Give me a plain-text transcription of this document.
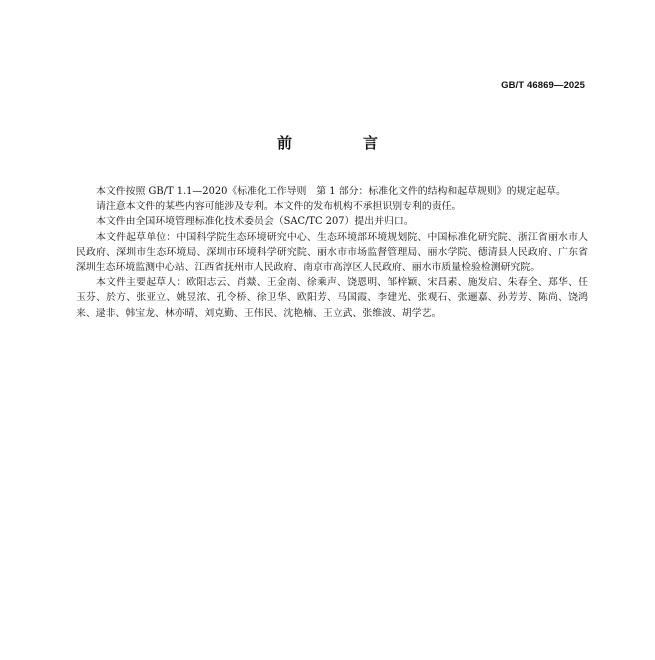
GB/T 46869—2025
前　言

本文件按照 GB/T 1.1—2020《标准化工作导则　第 1 部分：标准化文件的结构和起草规则》的规定起草。

请注意本文件的某些内容可能涉及专利。本文件的发布机构不承担识别专利的责任。

本文件由全国环境管理标准化技术委员会（SAC/TC 207）提出并归口。

本文件起草单位：中国科学院生态环境研究中心、生态环境部环境规划院、中国标准化研究院、浙江省丽水市人民政府、深圳市生态环境局、深圳市环境科学研究院、丽水市市场监督管理局、丽水学院、德清县人民政府、广东省深圳生态环境监测中心站、江西省抚州市人民政府、南京市高淳区人民政府、丽水市质量检验检测研究院。

本文件主要起草人：欧阳志云、肖燚、王金南、徐乘声、饶恩明、邹梓颖、宋昌素、施发启、朱春全、郑华、任玉芬、於方、张亚立、姚昱浓、孔令桥、徐卫华、欧阳芳、马国霞、李建光、张观石、张逦嘉、孙芳芳、陈尚、饶鸿来、逯非、韩宝龙、林亦晴、刘克勤、王伟民、沈艳楠、王立武、张维波、胡学艺。
